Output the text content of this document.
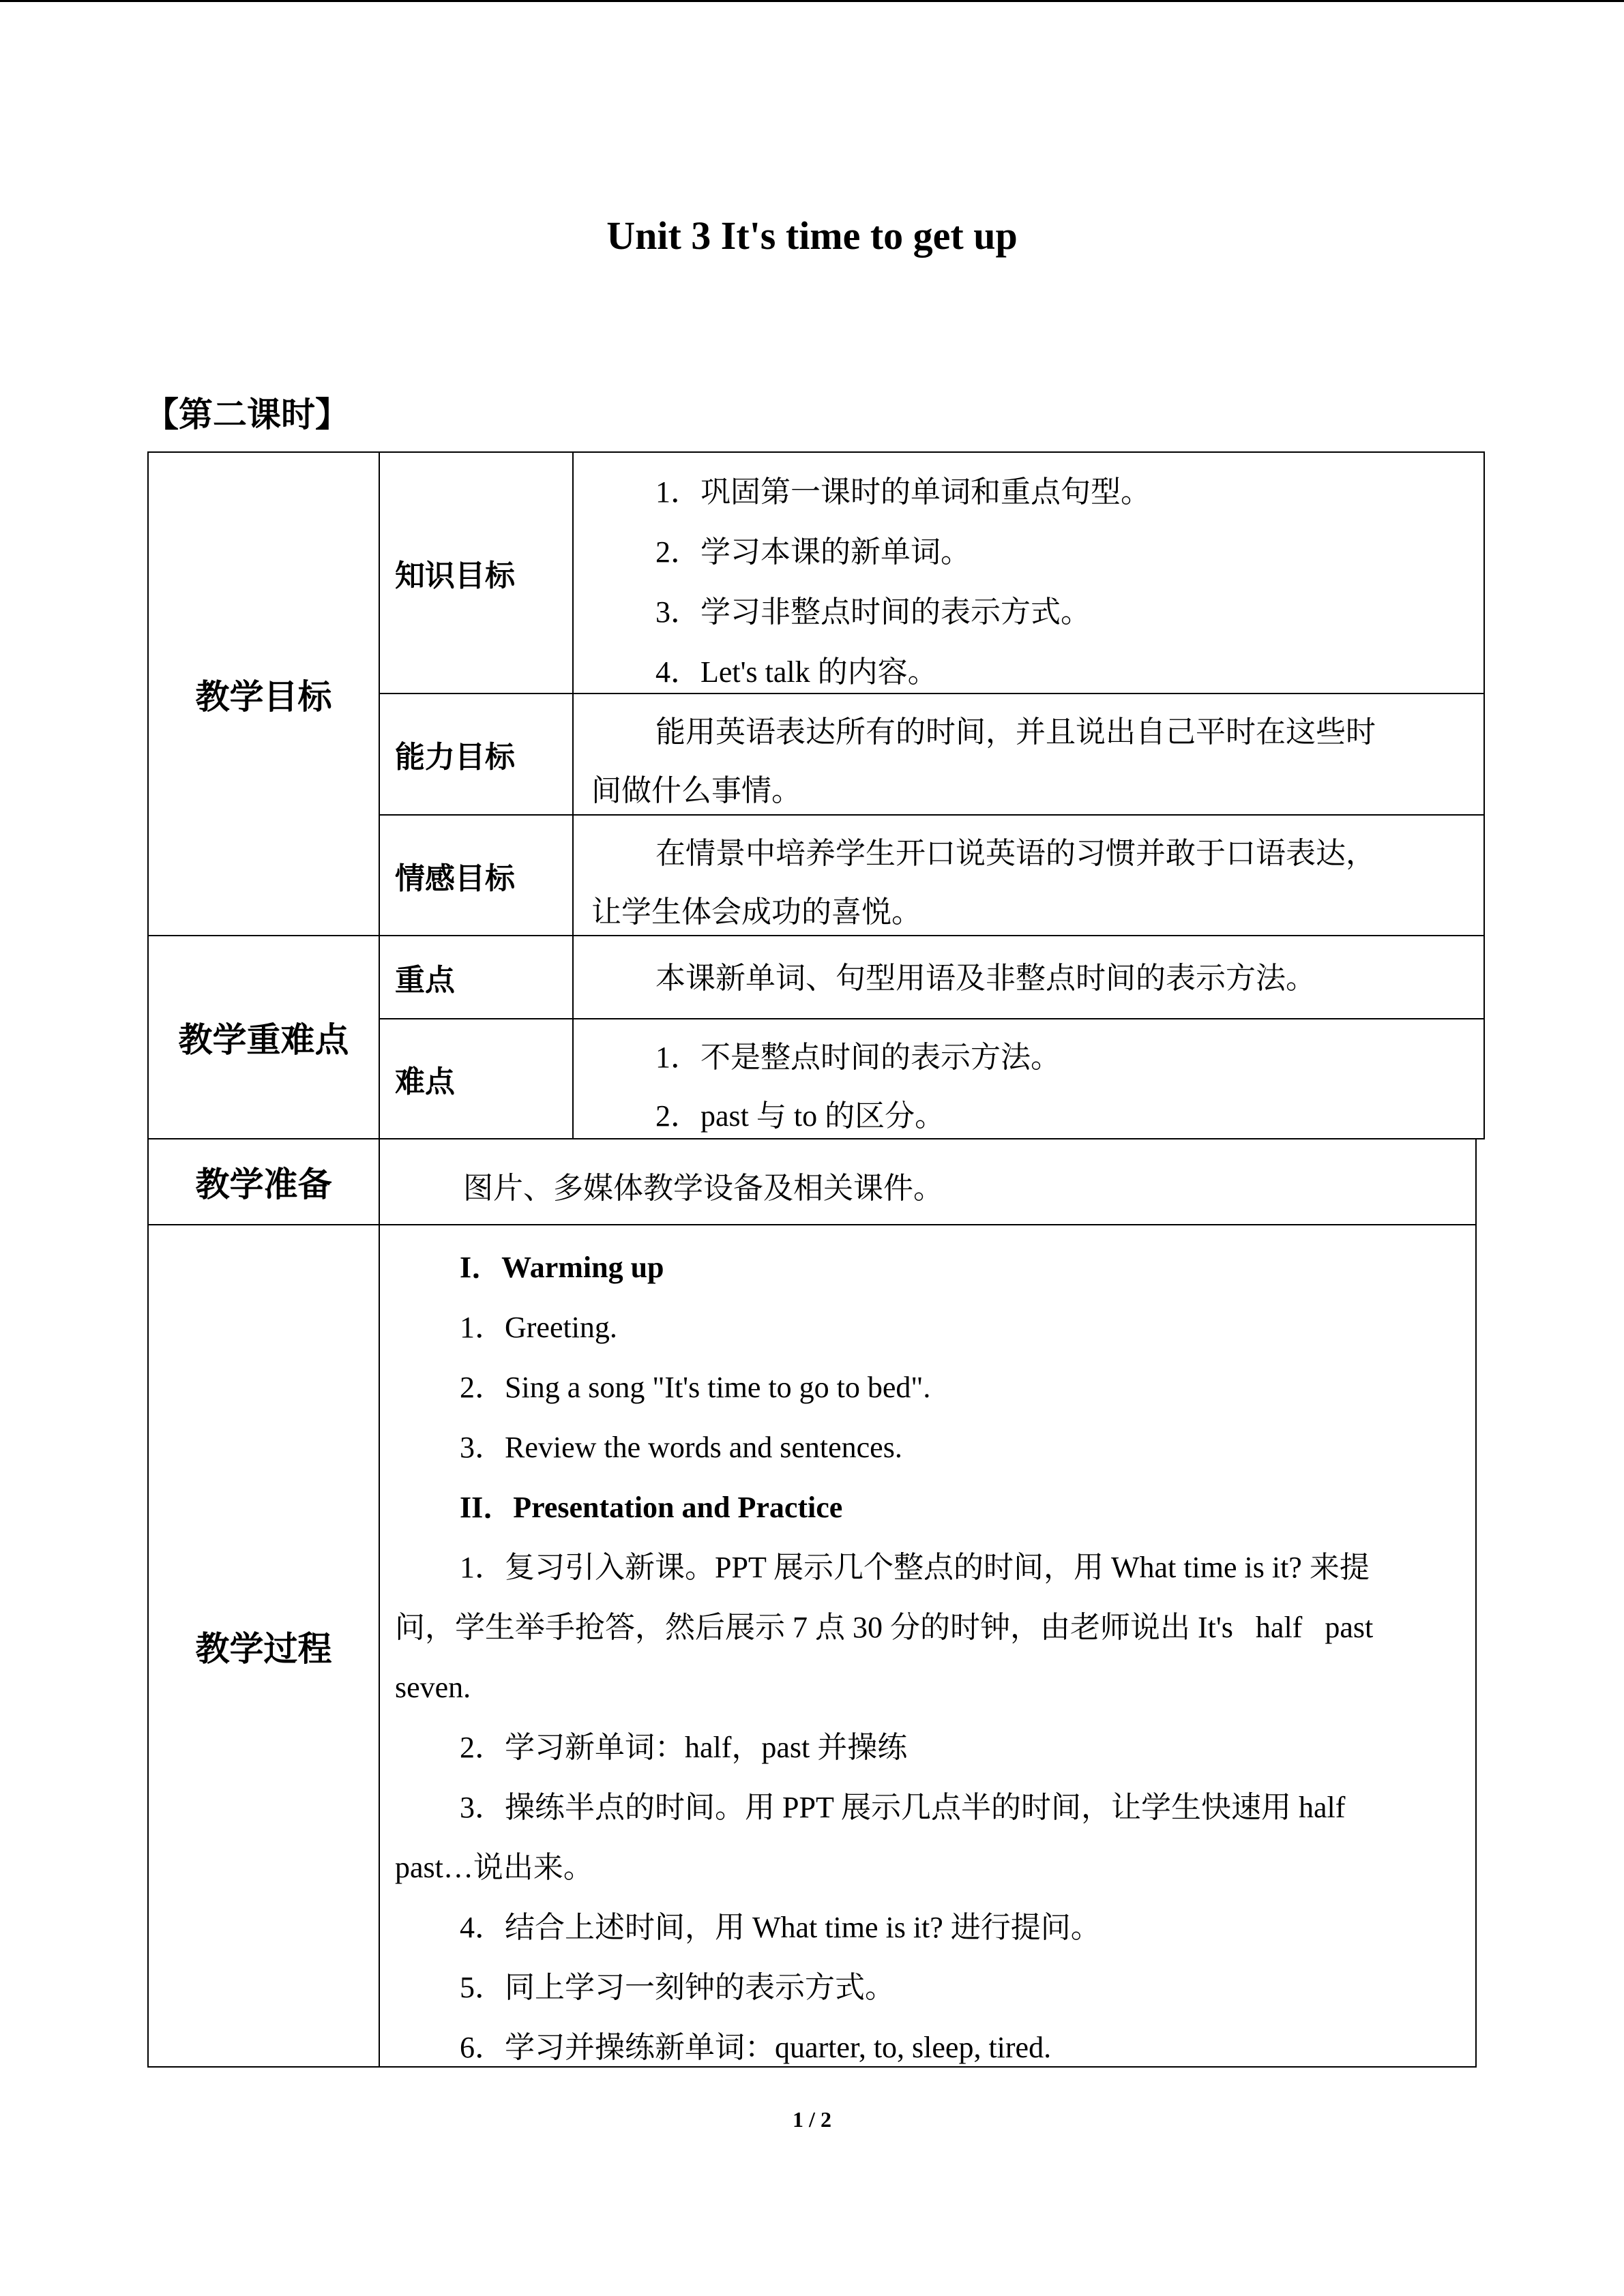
Unit 3 It's time to get up
【第二课时】
教学目标
知识目标
1．巩固第一课时的单词和重点句型。
2．学习本课的新单词。
3．学习非整点时间的表示方式。
4．Let's talk 的内容。
能力目标
能用英语表达所有的时间，并且说出自己平时在这些时
间做什么事情。
情感目标
在情景中培养学生开口说英语的习惯并敢于口语表达，
让学生体会成功的喜悦。
教学重难点
重点	本课新单词、句型用语及非整点时间的表示方法。
难点
1．不是整点时间的表示方法。
2．past 与 to 的区分。
教学准备	图片、多媒体教学设备及相关课件。
教学过程
I．Warming up
1．Greeting.
2．Sing a song "It's time to go to bed".
3．Review the words and sentences.
II．Presentation and Practice
1．复习引入新课。PPT 展示几个整点的时间，用 What time is it? 来提
问，学生举手抢答，然后展示 7 点 30 分的时钟，由老师说出 It's   half   past
seven.
2．学习新单词：half，past 并操练
3．操练半点的时间。用 PPT 展示几点半的时间，让学生快速用 half
past…说出来。
4．结合上述时间，用 What time is it? 进行提问。
5．同上学习一刻钟的表示方式。
6．学习并操练新单词：quarter, to, sleep, tired.
1 / 2
